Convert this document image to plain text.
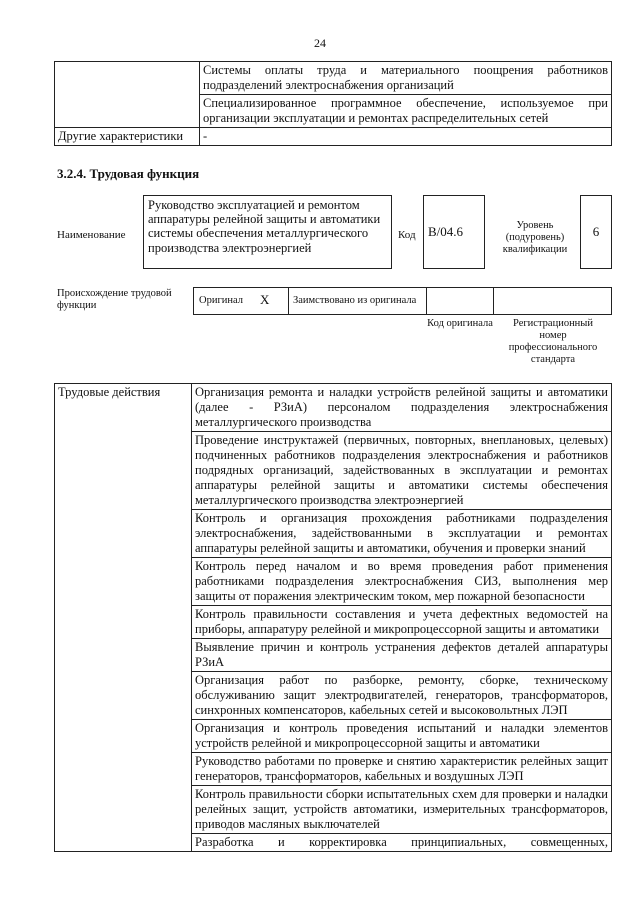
24
	Системы оплаты труда и материального поощрения работников подразделений электроснабжения организаций
	Специализированное программное обеспечение, используемое при организации эксплуатации и ремонтах распределительных сетей
Другие характеристики	-
3.2.4. Трудовая функция
Наименование
Руководство эксплуатацией и ремонтом аппаратуры релейной защиты и автоматики системы обеспечения металлургического производства электроэнергией
Код В/04.6	Уровень (подуровень) квалификации
6
Происхождение трудовой функции	Оригинал Х	Заимствовано из оригинала
Код оригинала	Регистрационный номер профессионального стандарта
Трудовые действия	Организация ремонта и наладки устройств релейной защиты и автоматики (далее - РЗиА) персоналом подразделения электроснабжения металлургического производства
Проведение инструктажей (первичных, повторных, внеплановых, целевых) подчиненных работников подразделения электроснабжения и работников подрядных организаций, задействованных в эксплуатации и ремонтах аппаратуры релейной защиты и автоматики системы обеспечения металлургического производства электроэнергией
Контроль и организация прохождения работниками подразделения электроснабжения, задействованными в эксплуатации и ремонтах аппаратуры релейной защиты и автоматики, обучения и проверки знаний
Контроль перед началом и во время проведения работ применения работниками подразделения электроснабжения СИЗ, выполнения мер защиты от поражения электрическим током, мер пожарной безопасности
Контроль правильности составления и учета дефектных ведомостей на приборы, аппаратуру релейной и микропроцессорной защиты и автоматики
Выявление причин и контроль устранения дефектов деталей аппаратуры РЗиА
Организация работ по разборке, ремонту, сборке, техническому обслуживанию защит электродвигателей, генераторов, трансформаторов, синхронных компенсаторов, кабельных сетей и высоковольтных ЛЭП
Организация и контроль проведения испытаний и наладки элементов устройств релейной и микропроцессорной защиты и автоматики
Руководство работами по проверке и снятию характеристик релейных защит генераторов, трансформаторов, кабельных и воздушных ЛЭП
Контроль правильности сборки испытательных схем для проверки и наладки релейных защит, устройств автоматики, измерительных трансформаторов, приводов масляных выключателей
Разработка и корректировка принципиальных, совмещенных,
